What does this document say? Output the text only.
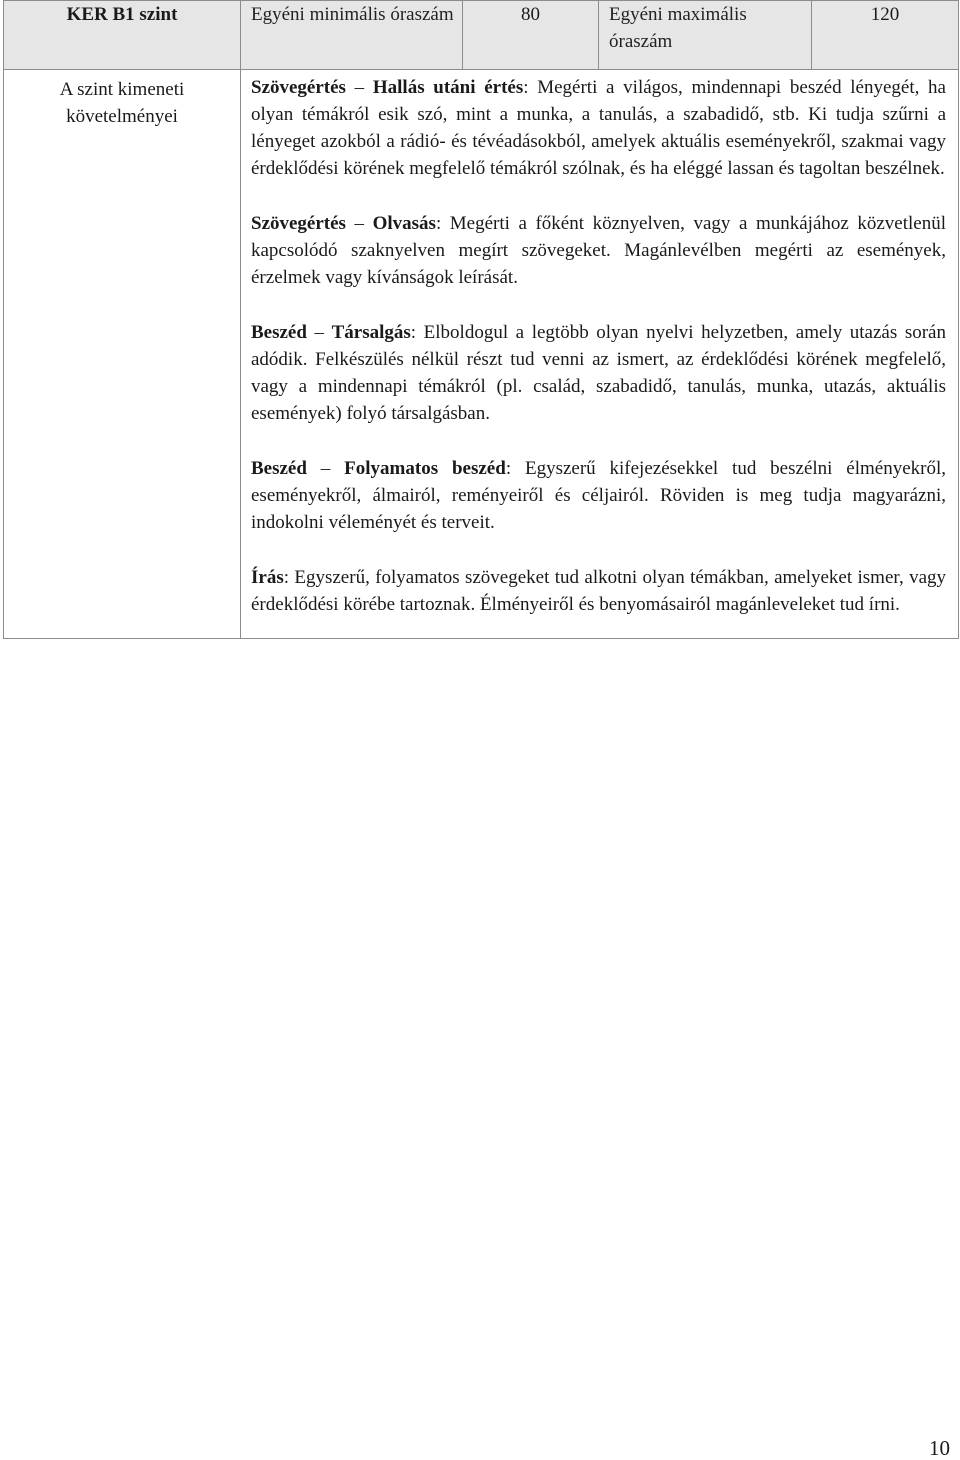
KER B1 szint	Egyéni minimális óraszám	80	Egyéni maximális óraszám	120
A szint kimeneti követelményei	Szövegértés – Hallás utáni értés: Megérti a világos, mindennapi beszéd lényegét, ha olyan témákról esik szó, mint a munka, a tanulás, a szabadidő, stb. Ki tudja szűrni a lényeget azokból a rádió- és tévéadásokból, amelyek aktuális eseményekről, szakmai vagy érdeklődési körének megfelelő témákról szólnak, és ha eléggé lassan és tagoltan beszélnek.

Szövegértés – Olvasás: Megérti a főként köznyelven, vagy a munkájához közvetlenül kapcsolódó szaknyelven megírt szövegeket. Magánlevélben megérti az események, érzelmek vagy kívánságok leírását.

Beszéd – Társalgás: Elboldogul a legtöbb olyan nyelvi helyzetben, amely utazás során adódik. Felkészülés nélkül részt tud venni az ismert, az érdeklődési körének megfelelő, vagy a mindennapi témákról (pl. család, szabadidő, tanulás, munka, utazás, aktuális események) folyó társalgásban.

Beszéd – Folyamatos beszéd: Egyszerű kifejezésekkel tud beszélni élményekről, eseményekről, álmairól, reményeiről és céljairól. Röviden is meg tudja magyarázni, indokolni véleményét és terveit.

Írás: Egyszerű, folyamatos szövegeket tud alkotni olyan témákban, amelyeket ismer, vagy érdeklődési körébe tartoznak. Élményeiről és benyomásairól magánleveleket tud írni.			

10
